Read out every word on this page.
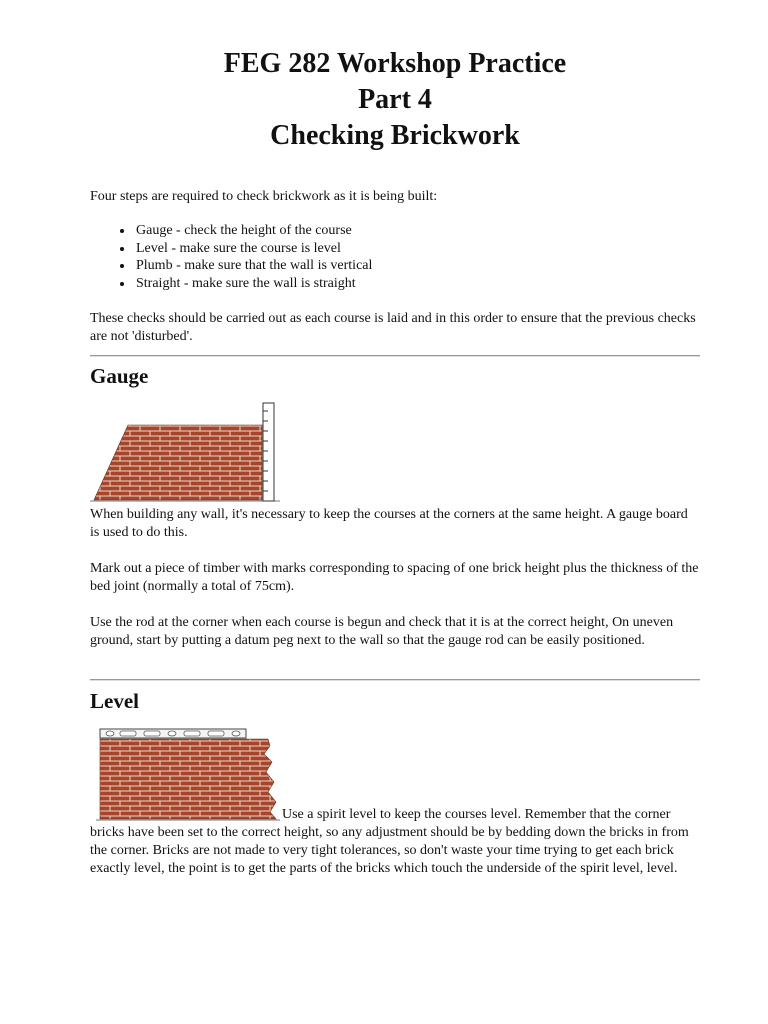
FEG 282 Workshop Practice
Part 4
Checking Brickwork

Four steps are required to check brickwork as it is being built:

• Gauge - check the height of the course
• Level - make sure the course is level
• Plumb - make sure that the wall is vertical
• Straight - make sure the wall is straight

These checks should be carried out as each course is laid and in this order to ensure that the previous checks are not 'disturbed'.

Gauge

When building any wall, it's necessary to keep the courses at the corners at the same height. A gauge board is used to do this.

Mark out a piece of timber with marks corresponding to spacing of one brick height plus the thickness of the bed joint (normally a total of 75cm).

Use the rod at the corner when each course is begun and check that it is at the correct height, On uneven ground, start by putting a datum peg next to the wall so that the gauge rod can be easily positioned.

Level

Use a spirit level to keep the courses level. Remember that the corner bricks have been set to the correct height, so any adjustment should be by bedding down the bricks in from the corner. Bricks are not made to very tight tolerances, so don't waste your time trying to get each brick exactly level, the point is to get the parts of the bricks which touch the underside of the spirit level, level.
